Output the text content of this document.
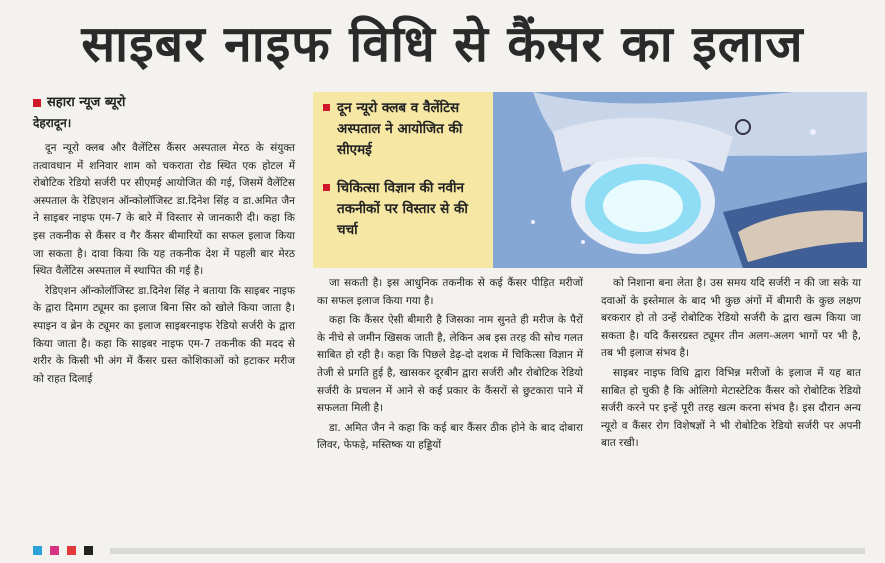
साइबर नाइफ विधि से कैंसर का इलाज
सहारा न्यूज ब्यूरो
देहरादून।

दून न्यूरो क्लब और वैलेंटिस कैंसर अस्पताल मेरठ के संयुक्त तत्वावधान में शनिवार शाम को चकराता रोड स्थित एक होटल में रोबोटिक रेडियो सर्जरी पर सीएमई आयोजित की गई, जिसमें वैलेंटिस अस्पताल के रेडिएशन ऑन्कोलॉजिस्ट डा.दिनेश सिंह व डा.अमित जैन ने साइबर नाइफ एम-7 के बारे में विस्तार से जानकारी दी। कहा कि इस तकनीक से कैंसर व गैर कैंसर बीमारियों का सफल इलाज किया जा सकता है। दावा किया कि यह तकनीक देश में पहली बार मेरठ स्थित वैलेंटिस अस्पताल में स्थापित की गई है।

रेडिएशन ऑन्कोलॉजिस्ट डा.दिनेश सिंह ने बताया कि साइबर नाइफ के द्वारा दिमाग ट्यूमर का इलाज बिना सिर को खोले किया जाता है। स्पाइन व ब्रेन के ट्यूमर का इलाज साइबरनाइफ रेडियो सर्जरी के द्वारा किया जाता है। कहा कि साइबर नाइफ एम-7 तकनीक की मदद से शरीर के किसी भी अंग में कैंसर ग्रस्त कोशिकाओं को हटाकर मरीज को राहत दिलाई

दून न्यूरो क्लब व वैलेंटिस अस्पताल ने आयोजित की सीएमई
चिकित्सा विज्ञान की नवीन तकनीकों पर विस्तार से की चर्चा

जा सकती है। इस आधुनिक तकनीक से कई कैंसर पीड़ित मरीजों का सफल इलाज किया गया है।

कहा कि कैंसर ऐसी बीमारी है जिसका नाम सुनते ही मरीज के पैरों के नीचे से जमीन खिसक जाती है, लेकिन अब इस तरह की सोच गलत साबित हो रही है। कहा कि पिछले डेढ़-दो दशक में चिकित्सा विज्ञान में तेजी से प्रगति हुई है, खासकर दूरबीन द्वारा सर्जरी और रोबोटिक रेडियो सर्जरी के प्रचलन में आने से कई प्रकार के कैंसरों से छुटकारा पाने में सफलता मिली है।

डा. अमित जैन ने कहा कि कई बार कैंसर ठीक होने के बाद दोबारा लिवर, फेफड़े, मस्तिष्क या हड्डियों

को निशाना बना लेता है। उस समय यदि सर्जरी न की जा सके या दवाओं के इस्तेमाल के बाद भी कुछ अंगों में बीमारी के कुछ लक्षण बरकरार हो तो उन्हें रोबोटिक रेडियो सर्जरी के द्वारा खत्म किया जा सकता है। यदि कैंसरग्रस्त ट्यूमर तीन अलग-अलग भागों पर भी है, तब भी इलाज संभव है।

साइबर नाइफ विधि द्वारा विभिन्न मरीजों के इलाज में यह बात साबित हो चुकी है कि ओलिगो मेटास्टेटिक कैंसर को रोबोटिक रेडियो सर्जरी करने पर इन्हें पूरी तरह खत्म करना संभव है। इस दौरान अन्य न्यूरो व कैंसर रोग विशेषज्ञों ने भी रोबोटिक रेडियो सर्जरी पर अपनी बात रखी।
